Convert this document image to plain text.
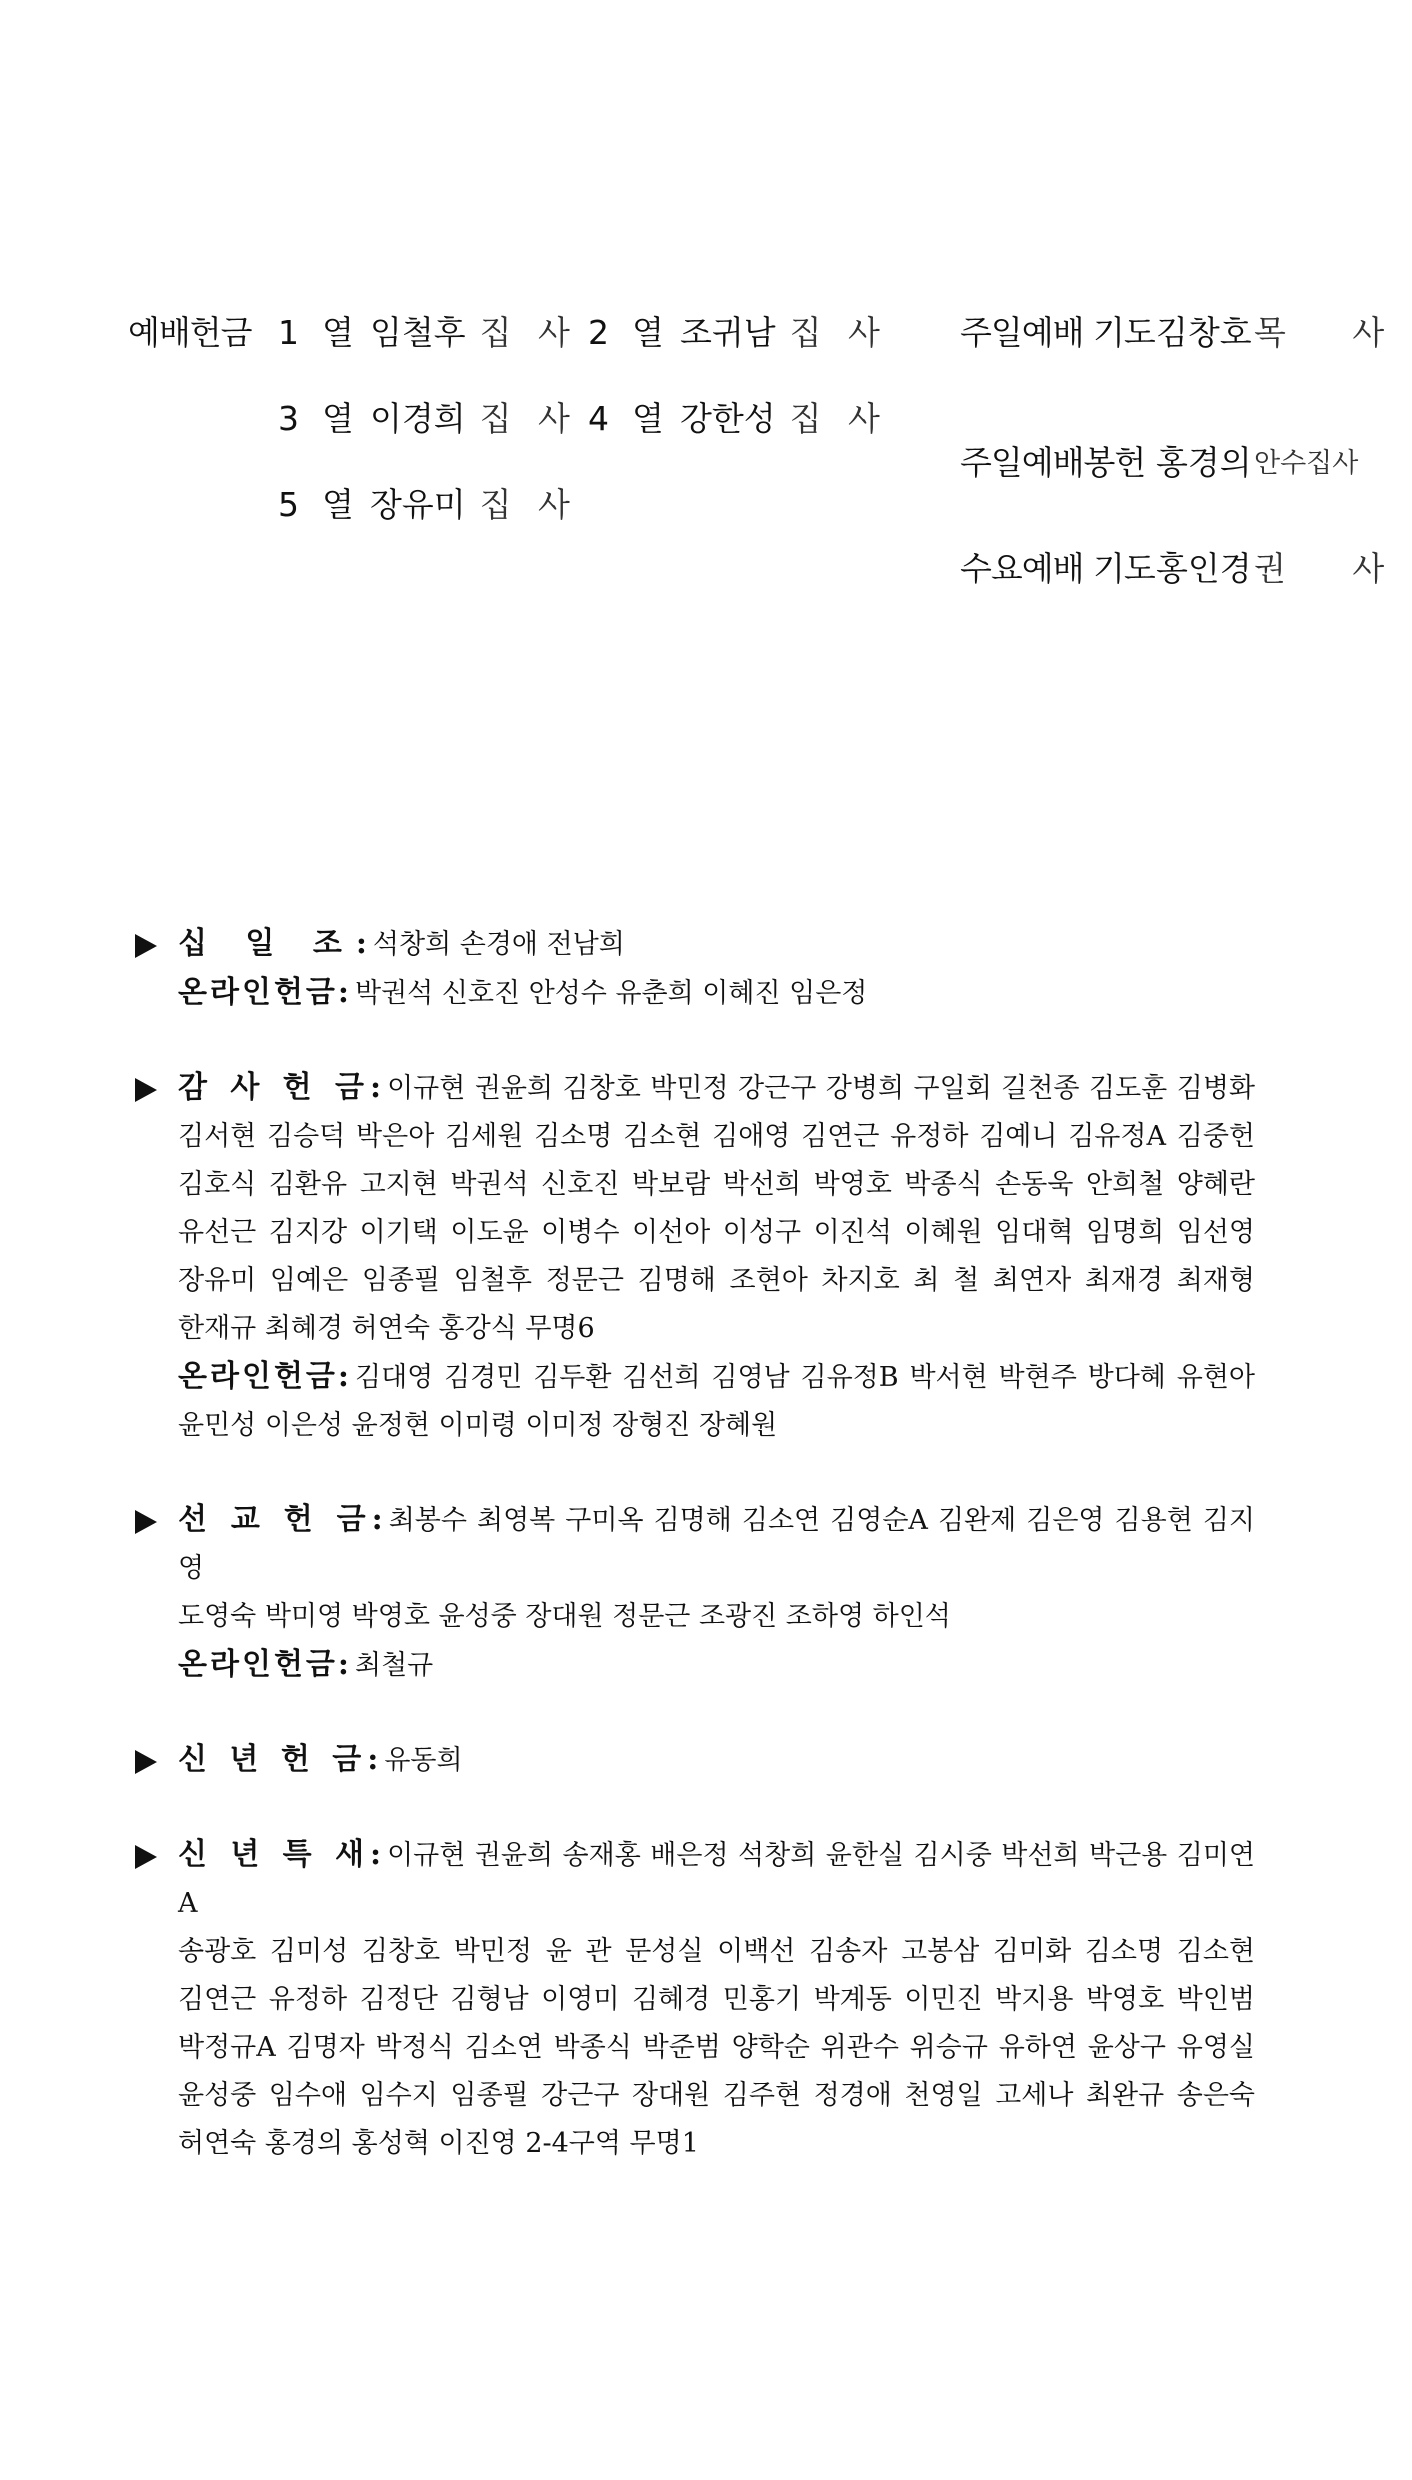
예배헌금 1 열 임철후 집 사 2 열 조귀남 집 사
3 열 이경희 집 사 4 열 강한성 집 사
5 열 장유미 집 사
주일예배 기도 김창호 목 사
주일예배봉헌 홍경의 안수집사
수요예배 기도 홍인경 권 사
십 일 조: 석창희 손경애 전남희
온라인헌금: 박권석 신호진 안성수 유춘희 이혜진 임은정
감 사 헌 금: 이규현 권윤희 김창호 박민정 강근구 강병희 구일회 길천종 김도훈 김병화
김서현 김승덕 박은아 김세원 김소명 김소현 김애영 김연근 유정하 김예니 김유정A 김중헌
김호식 김환유 고지현 박권석 신호진 박보람 박선희 박영호 박종식 손동욱 안희철 양혜란
유선근 김지강 이기택 이도윤 이병수 이선아 이성구 이진석 이혜원 임대혁 임명희 임선영
장유미 임예은 임종필 임철후 정문근 김명해 조현아 차지호 최 철 최연자 최재경 최재형
한재규 최혜경 허연숙 홍강식 무명6
온라인헌금: 김대영 김경민 김두환 김선희 김영남 김유정B 박서현 박현주 방다혜 유현아
윤민성 이은성 윤정현 이미령 이미정 장형진 장혜원
선 교 헌 금: 최봉수 최영복 구미옥 김명해 김소연 김영순A 김완제 김은영 김용현 김지영
도영숙 박미영 박영호 윤성중 장대원 정문근 조광진 조하영 하인석
온라인헌금: 최철규
신 년 헌 금: 유동희
신 년 특 새: 이규현 권윤희 송재홍 배은정 석창희 윤한실 김시중 박선희 박근용 김미연A
송광호 김미성 김창호 박민정 윤 관 문성실 이백선 김송자 고봉삼 김미화 김소명 김소현
김연근 유정하 김정단 김형남 이영미 김혜경 민홍기 박계동 이민진 박지용 박영호 박인범
박정규A 김명자 박정식 김소연 박종식 박준범 양학순 위관수 위승규 유하연 윤상구 유영실
윤성중 임수애 임수지 임종필 강근구 장대원 김주현 정경애 천영일 고세나 최완규 송은숙
허연숙 홍경의 홍성혁 이진영 2-4구역 무명1
